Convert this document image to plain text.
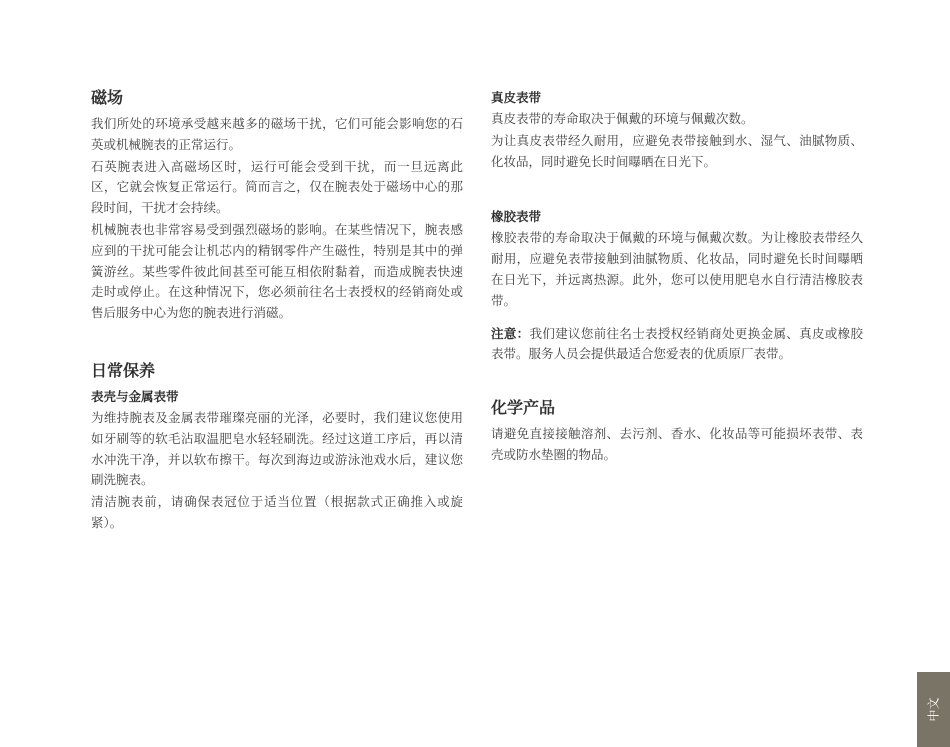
磁场

我们所处的环境承受越来越多的磁场干扰，它们可能会影响您的石英或机械腕表的正常运行。

石英腕表进入高磁场区时，运行可能会受到干扰，而一旦远离此区，它就会恢复正常运行。简而言之，仅在腕表处于磁场中心的那段时间，干扰才会持续。

机械腕表也非常容易受到强烈磁场的影响。在某些情况下，腕表感应到的干扰可能会让机芯内的精钢零件产生磁性，特别是其中的弹簧游丝。某些零件彼此间甚至可能互相依附黏着，而造成腕表快速走时或停止。在这种情况下，您必须前往名士表授权的经销商处或售后服务中心为您的腕表进行消磁。

日常保养
表壳与金属表带

为维持腕表及金属表带璀璨亮丽的光泽，必要时，我们建议您使用如牙刷等的软毛沾取温肥皂水轻轻刷洗。经过这道工序后，再以清水冲洗干净，并以软布擦干。每次到海边或游泳池戏水后，建议您刷洗腕表。

清洁腕表前，请确保表冠位于适当位置（根据款式正确推入或旋紧）。

真皮表带

真皮表带的寿命取决于佩戴的环境与佩戴次数。

为让真皮表带经久耐用，应避免表带接触到水、湿气、油腻物质、化妆品，同时避免长时间曝晒在日光下。

橡胶表带

橡胶表带的寿命取决于佩戴的环境与佩戴次数。为让橡胶表带经久耐用，应避免表带接触到油腻物质、化妆品，同时避免长时间曝晒在日光下，并远离热源。此外，您可以使用肥皂水自行清洁橡胶表带。

注意：我们建议您前往名士表授权经销商处更换金属、真皮或橡胶表带。服务人员会提供最适合您爱表的优质原厂表带。

化学产品

请避免直接接触溶剂、去污剂、香水、化妆品等可能损坏表带、表壳或防水垫圈的物品。

中文
